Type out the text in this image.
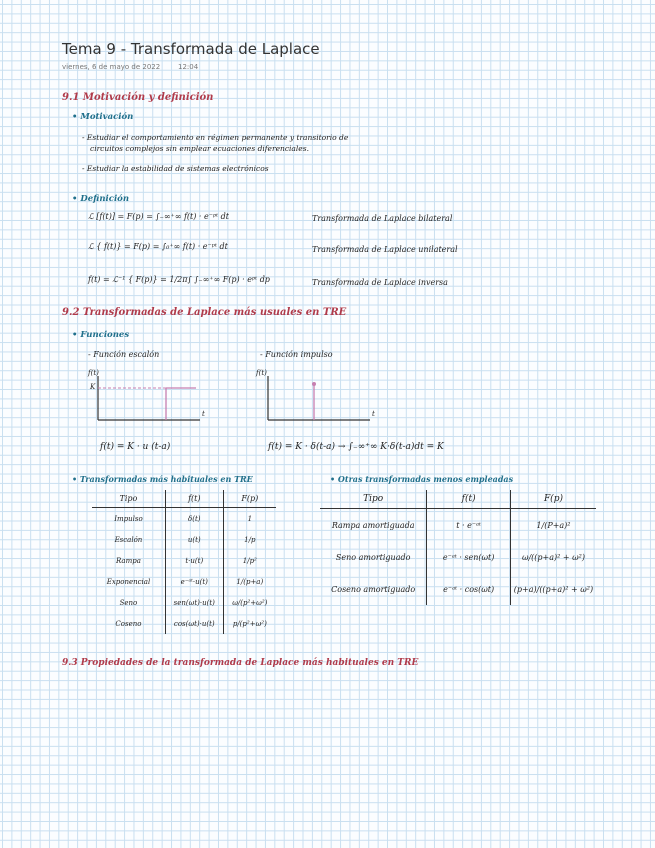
Tema 9 - Transformada de Laplace
viernes, 6 de mayo de 2022	12:04
9.1 Motivación y definición
• Motivación
- Estudiar el comportamiento en régimen permanente y transitorio de
circuitos complejos sin emplear ecuaciones diferenciales.
- Estudiar la estabilidad de sistemas electrónicos
• Definición
ℒ [f(t)] = F(p) = ∫₋∞⁺∞ f(t) · e⁻ᵖᵗ dt	Transformada de Laplace bilateral
ℒ { f(t)} = F(p) = ∫₀⁺∞ f(t) · e⁻ᵖᵗ dt	Transformada de Laplace unilateral
f(t) = ℒ⁻¹ { F(p)} = 1/2π∫ ∫₋∞⁺∞ F(p) · eᵖᵗ dp	Transformada de Laplace inversa
9.2 Transformadas de Laplace más usuales en TRE
• Funciones
- Función escalón	- Función impulso
f(t)
K
t
f(t)
t
f(t) = K · u (t-a)	f(t) = K · δ(t-a) → ∫₋∞⁺∞ K·δ(t-a)dt = K
• Transformadas más habituales en TRE
Tipo	f(t)	F(p)
Impulso	δ(t)	1
Escalón	u(t)	1/p
Rampa	t·u(t)	1/p²
Exponencial	e⁻ᵃᵗ·u(t)	1/(p+a)
Seno	sen(ωt)·u(t)	ω/(p²+ω²)
Coseno	cos(ωt)·u(t)	p/(p²+ω²)
• Otras transformadas menos empleadas
Tipo	f(t)	F(p)
Rampa amortiguada	t · e⁻ᵃᵗ	1/(P+a)²
Seno amortiguado	e⁻ᵃᵗ · sen(ωt)	ω/((p+a)² + ω²)
Coseno amortiguado	e⁻ᵃᵗ · cos(ωt)	(p+a)/((p+a)² + ω²)
9.3 Propiedades de la transformada de Laplace más habituales en TRE
